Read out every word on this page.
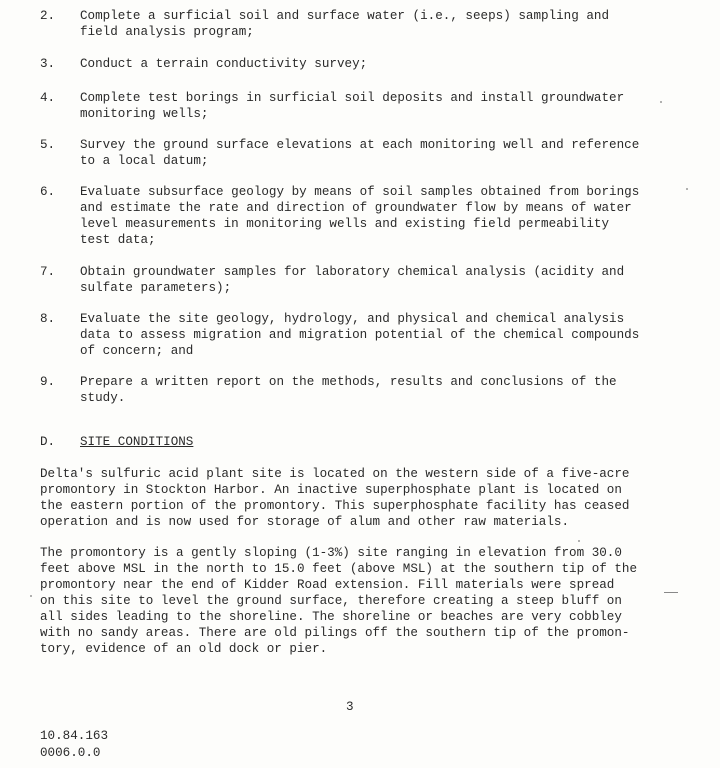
2. Complete a surficial soil and surface water (i.e., seeps) sampling and
field analysis program;
3. Conduct a terrain conductivity survey;
4. Complete test borings in surficial soil deposits and install groundwater
monitoring wells;
5. Survey the ground surface elevations at each monitoring well and reference
to a local datum;
6. Evaluate subsurface geology by means of soil samples obtained from borings
and estimate the rate and direction of groundwater flow by means of water
level measurements in monitoring wells and existing field permeability
test data;
7. Obtain groundwater samples for laboratory chemical analysis (acidity and
sulfate parameters);
8. Evaluate the site geology, hydrology, and physical and chemical analysis
data to assess migration and migration potential of the chemical compounds
of concern; and
9. Prepare a written report on the methods, results and conclusions of the
study.
D. SITE CONDITIONS
Delta's sulfuric acid plant site is located on the western side of a five-acre
promontory in Stockton Harbor. An inactive superphosphate plant is located on
the eastern portion of the promontory. This superphosphate facility has ceased
operation and is now used for storage of alum and other raw materials.
The promontory is a gently sloping (1-3%) site ranging in elevation from 30.0
feet above MSL in the north to 15.0 feet (above MSL) at the southern tip of the
promontory near the end of Kidder Road extension. Fill materials were spread
on this site to level the ground surface, therefore creating a steep bluff on
all sides leading to the shoreline. The shoreline or beaches are very cobbley
with no sandy areas. There are old pilings off the southern tip of the promon-
tory, evidence of an old dock or pier.
3
10.84.163
0006.0.0
